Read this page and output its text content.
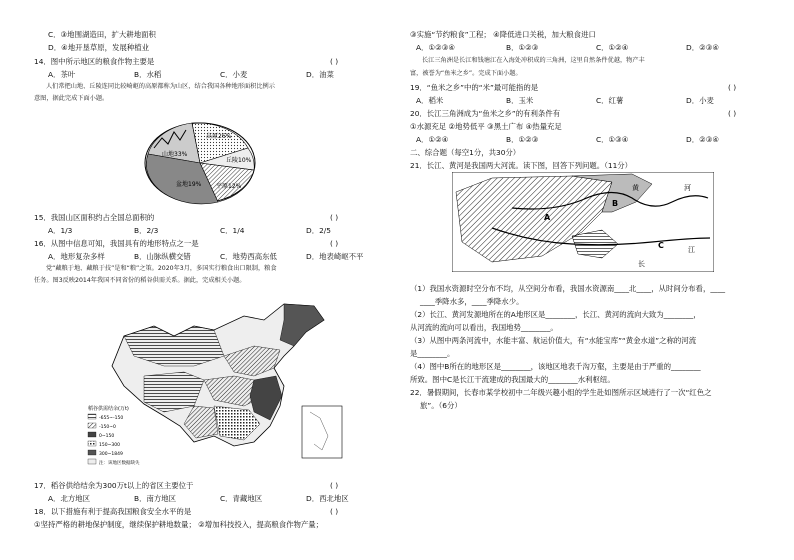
C．③地围湖造田，扩大耕地面积
D．④地开垦草原，发展种植业
14．图中所示地区的粮食作物主要是	( )
A．茶叶	B．水稻	C．小麦	D．油菜
人们常把山地、丘陵连同比较崎岖的高原都称为山区，结合我国各种地形面积比例示
意图，据此完成下面小题。
山地33%
高原26%
丘陵10%
盆地19% 平原12%
15．我国山区面积约占全国总面积的	( )
A．1/3	B．2/3	C．1/4	D．2/5
16．从图中信息可知，我国具有的地形特点之一是	( )
A．地形复杂多样	B．山脉纵横交错	C．地势西高东低	D．地表崎岖不平
党“藏粮于地、藏粮于技”是和“粮”之策。2020年3月，多国实行粮食出口限制，粮食
任务。图3反映2014年我国不同省份的稻谷供需关系。据此，完成相关小题。
稻谷供需结余(万t)
-655~-150
-150~0
0~150
150~300
300~1849
注：该地区数据缺失
17．稻谷供给结余为300万t以上的省区主要位于	( )
A．北方地区	B．南方地区	C．青藏地区	D．西北地区
18．以下措施有利于提高我国粮食安全水平的是	( )
①坚持严格的耕地保护制度，继续保护耕地数量； ②增加科技投入，提高粮食作物产量；
③实施“节约粮食”工程； ④降低进口关税，加大粮食进口
A．①②③④	B．①②③	C．①②④	D．②③④
长江三角洲是长江和钱塘江在入海处冲积成的三角洲，这里自然条件优越，物产丰
富，被誉为“鱼米之乡”。完成下面小题。
19．“鱼米之乡”中的“米”最可能指的是	( )
A．稻米	B．玉米	C．红薯	D．小麦
20．长江三角洲成为“鱼米之乡”的有利条件有	( )
①水源充足 ②地势低平 ③黑土广布 ④热量充足
A．①②④	B．①②③	C．①③④	D．②③④
二、综合题（每空1分，共30分）
21．长江、黄河是我国两大河流。读下图，回答下列问题。（11分）
A
B
C
黄	河
长
江
（1）我国水资源时空分布不均，从空间分布看，我国水资源南____北____，从时间分布看，____
____季降水多，____季降水少。
（2）长江、黄河发源地所在的A地形区是________，长江、黄河的流向大致为________，
从河流的流向可以看出，我国地势________。
（3）从图中两条河流中，水能丰富、航运价值大，有“水能宝库”“黄金水道”之称的河流
是________。
（4）图中B所在的地形区是________，该地区地表千沟万壑，主要是由于严重的________
所致。图中C是长江干流建成的我国最大的________水利枢纽。
22．暑假期间，长春市某学校初中二年级兴趣小组的学生赴如图所示区域进行了一次“红色之
旅”。（6分）
